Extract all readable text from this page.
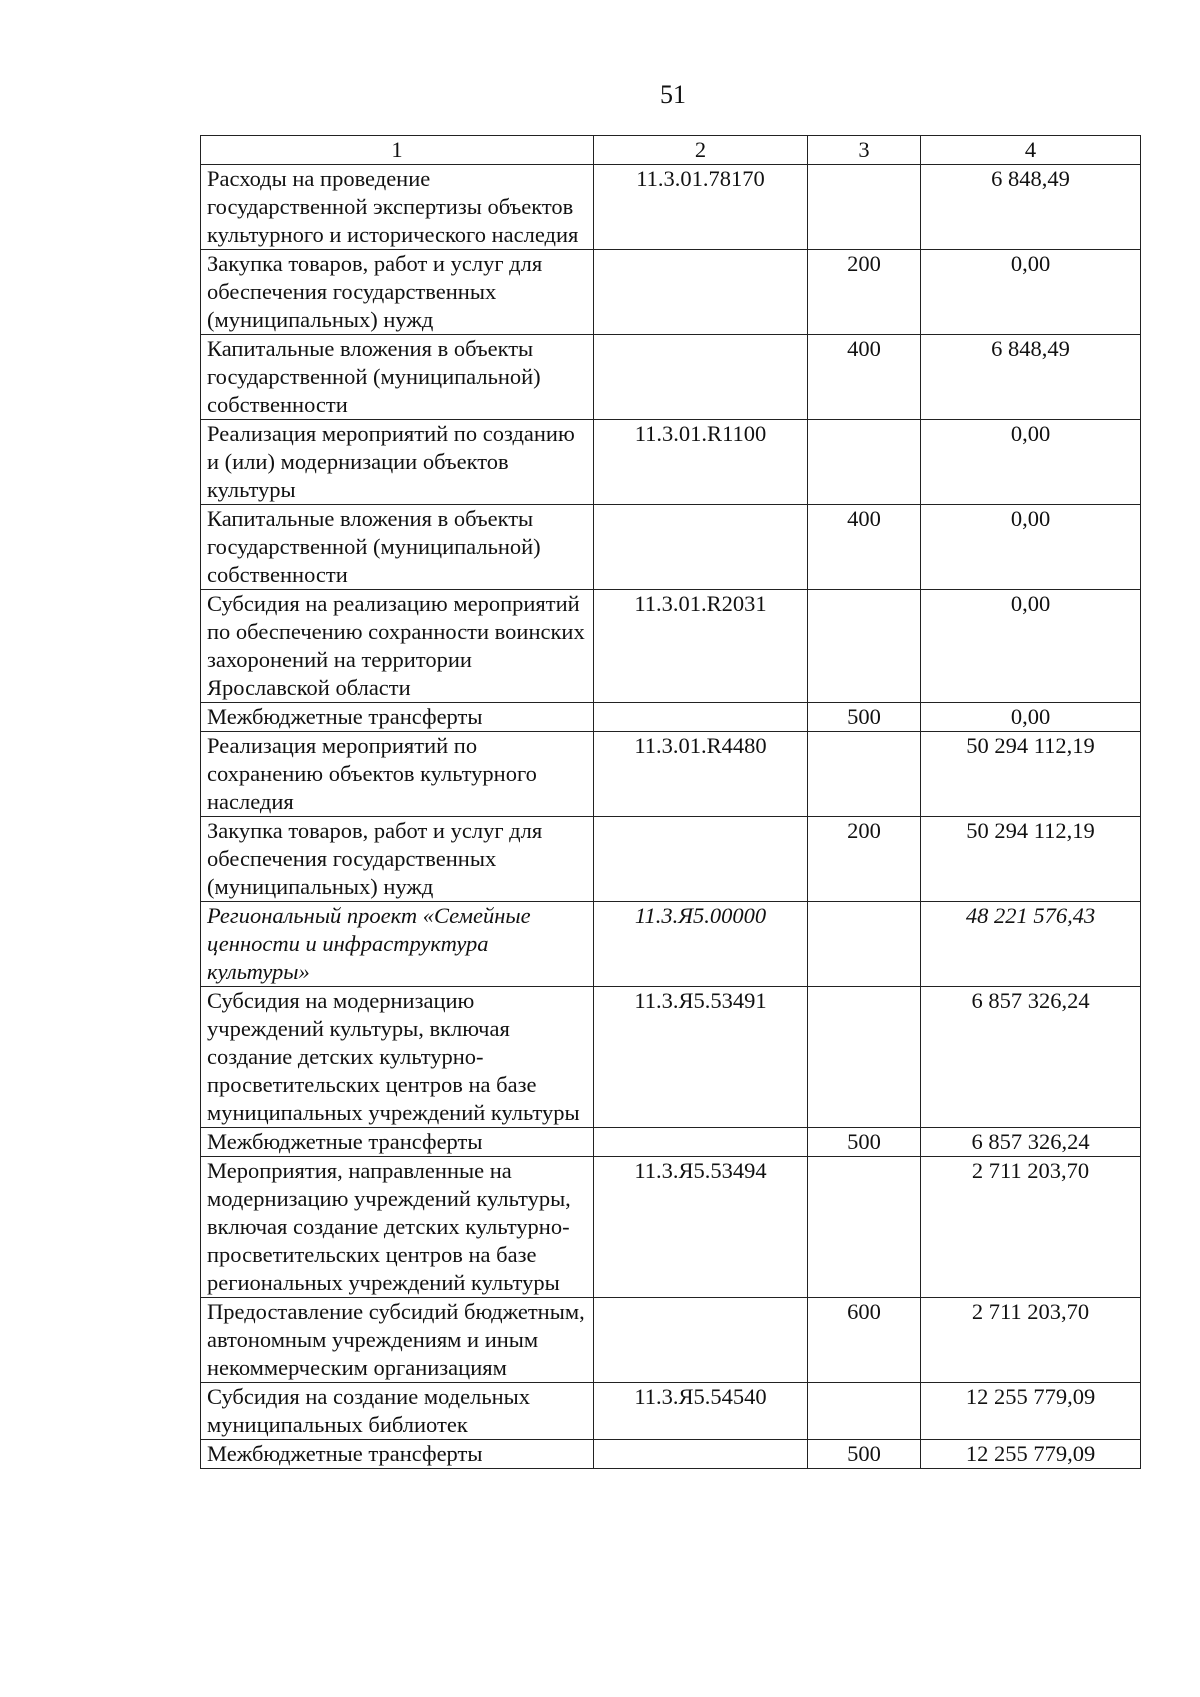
51
1	2	3	4
Расходы на проведение государственной экспертизы объектов культурного и исторического наследия	11.3.01.78170		6 848,49
Закупка товаров, работ и услуг для обеспечения государственных (муниципальных) нужд		200	0,00
Капитальные вложения в объекты государственной (муниципальной) собственности		400	6 848,49
Реализация мероприятий по созданию и (или) модернизации объектов культуры	11.3.01.R1100		0,00
Капитальные вложения в объекты государственной (муниципальной) собственности		400	0,00
Субсидия на реализацию мероприятий по обеспечению сохранности воинских захоронений на территории Ярославской области	11.3.01.R2031		0,00
Межбюджетные трансферты		500	0,00
Реализация мероприятий по сохранению объектов культурного наследия	11.3.01.R4480		50 294 112,19
Закупка товаров, работ и услуг для обеспечения государственных (муниципальных) нужд		200	50 294 112,19
Региональный проект «Семейные ценности и инфраструктура культуры»	11.3.Я5.00000		48 221 576,43
Субсидия на модернизацию учреждений культуры, включая создание детских культурно-просветительских центров на базе муниципальных учреждений культуры	11.3.Я5.53491		6 857 326,24
Межбюджетные трансферты		500	6 857 326,24
Мероприятия, направленные на модернизацию учреждений культуры, включая создание детских культурно-просветительских центров на базе региональных учреждений культуры	11.3.Я5.53494		2 711 203,70
Предоставление субсидий бюджетным, автономным учреждениям и иным некоммерческим организациям		600	2 711 203,70
Субсидия на создание модельных муниципальных библиотек	11.3.Я5.54540		12 255 779,09
Межбюджетные трансферты		500	12 255 779,09
